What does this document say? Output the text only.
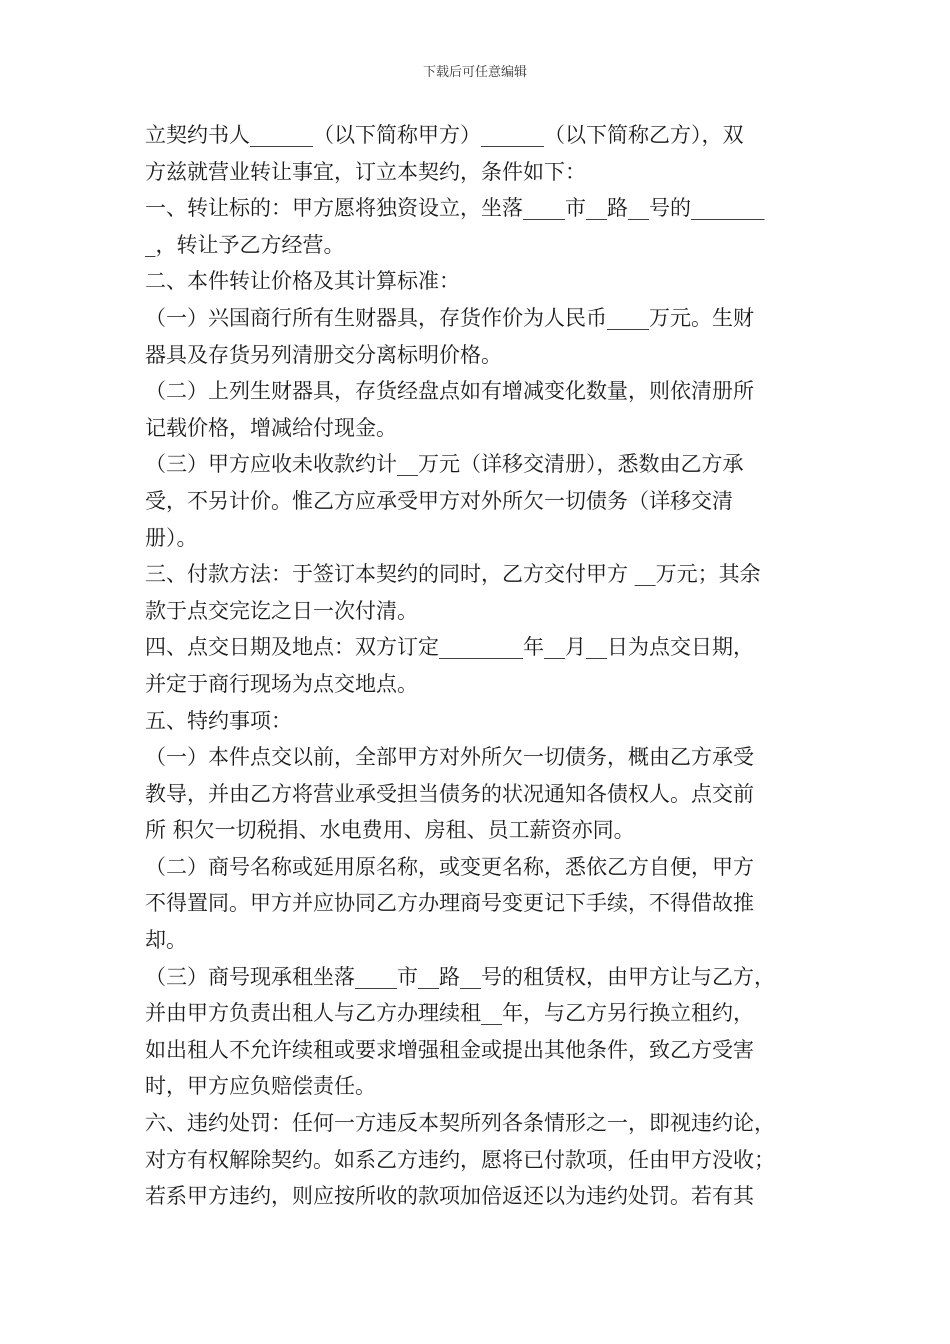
下载后可任意编辑
立契约书人______（以下简称甲方）______（以下简称乙方），双
方兹就营业转让事宜，订立本契约，条件如下：
一、转让标的：甲方愿将独资设立，坐落____市__路__号的_______
_，转让予乙方经营。
二、本件转让价格及其计算标准：
（一）兴国商行所有生财器具，存货作价为人民币____万元。生财
器具及存货另列清册交分离标明价格。
（二）上列生财器具，存货经盘点如有增减变化数量，则依清册所
记载价格，增减给付现金。
（三）甲方应收未收款约计__万元（详移交清册），悉数由乙方承
受，不另计价。惟乙方应承受甲方对外所欠一切债务（详移交清
册）。
三、付款方法：于签订本契约的同时，乙方交付甲方 __万元；其余
款于点交完讫之日一次付清。
四、点交日期及地点：双方订定________年__月__日为点交日期，
并定于商行现场为点交地点。
五、特约事项：
（一）本件点交以前，全部甲方对外所欠一切债务，概由乙方承受
教导，并由乙方将营业承受担当债务的状况通知各债权人。点交前
所 积欠一切税捐、水电费用、房租、员工薪资亦同。
（二）商号名称或延用原名称，或变更名称，悉依乙方自便，甲方
不得置同。甲方并应协同乙方办理商号变更记下手续，不得借故推
却。
（三）商号现承租坐落____市__路__号的租赁权，由甲方让与乙方，
并由甲方负责出租人与乙方办理续租__年，与乙方另行换立租约，
如出租人不允许续租或要求增强租金或提出其他条件，致乙方受害
时，甲方应负赔偿责任。
六、违约处罚：任何一方违反本契所列各条情形之一，即视违约论，
对方有权解除契约。如系乙方违约，愿将已付款项，任由甲方没收；
若系甲方违约，则应按所收的款项加倍返还以为违约处罚。若有其
